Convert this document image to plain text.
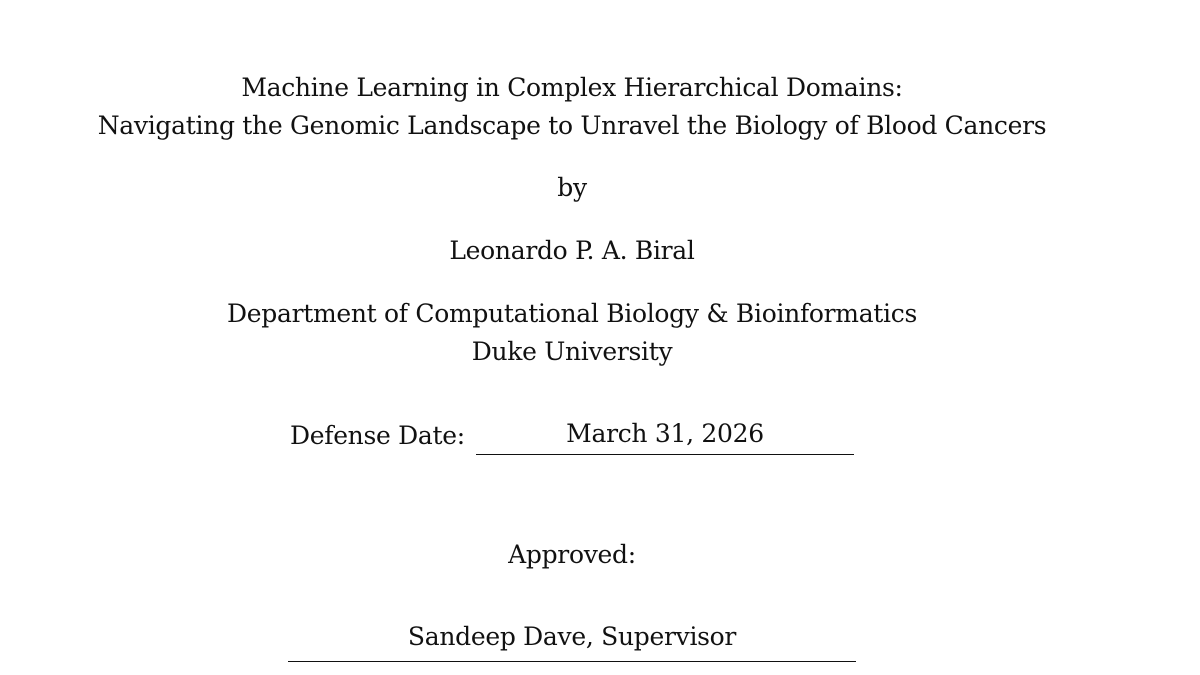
Machine Learning in Complex Hierarchical Domains:
Navigating the Genomic Landscape to Unravel the Biology of Blood Cancers
by
Leonardo P. A. Biral
Department of Computational Biology & Bioinformatics
Duke University
Defense Date:	March 31, 2026
Approved:
Sandeep Dave, Supervisor
